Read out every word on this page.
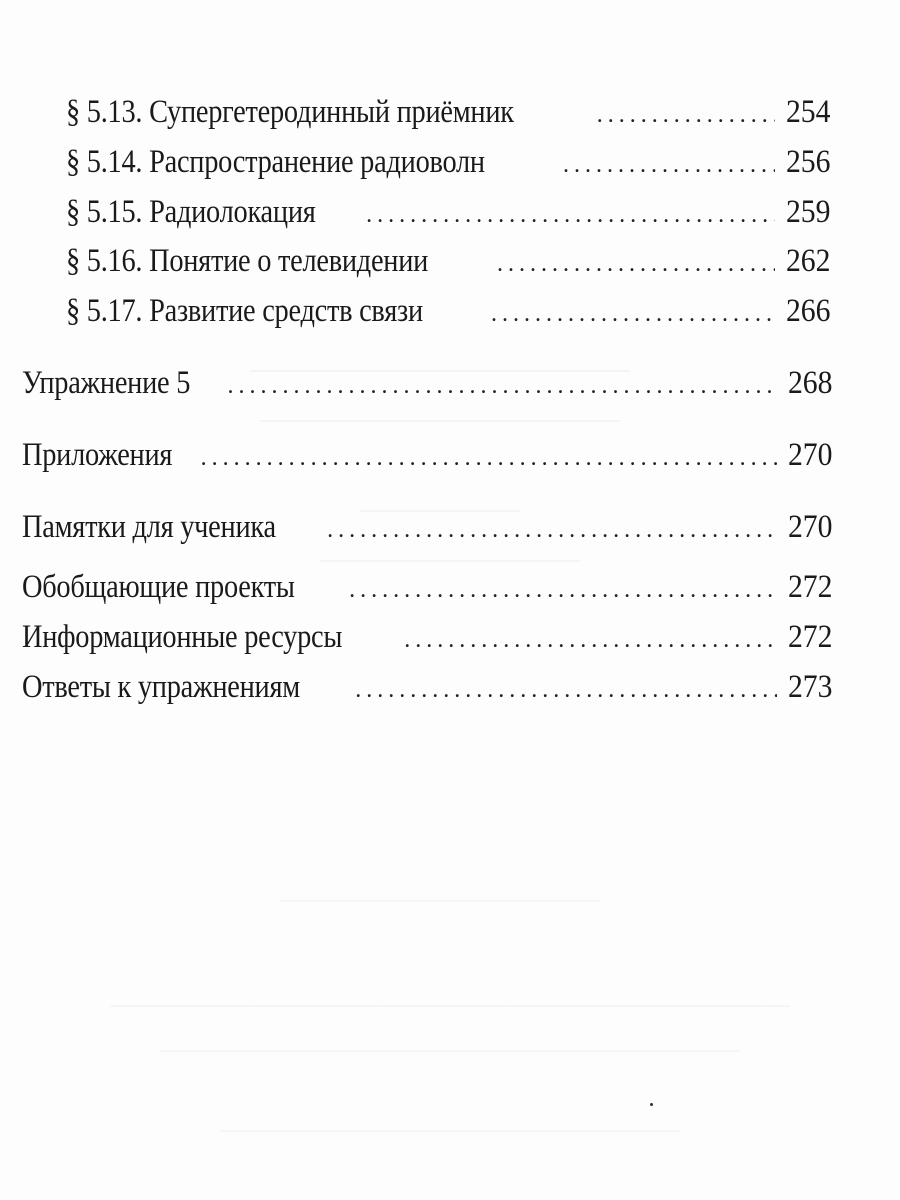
§ 5.13. Супергетеродинный приёмник .....	254
§ 5.14. Распространение радиоволн .....	256
§ 5.15. Радиолокация .....	259
§ 5.16. Понятие о телевидении .....	262
§ 5.17. Развитие средств связи .....	266
Упражнение 5 .....	268
Приложения .....	270
Памятки для ученика .....	270
Обобщающие проекты .....	272
Информационные ресурсы .....	272
Ответы к упражнениям .....	273
